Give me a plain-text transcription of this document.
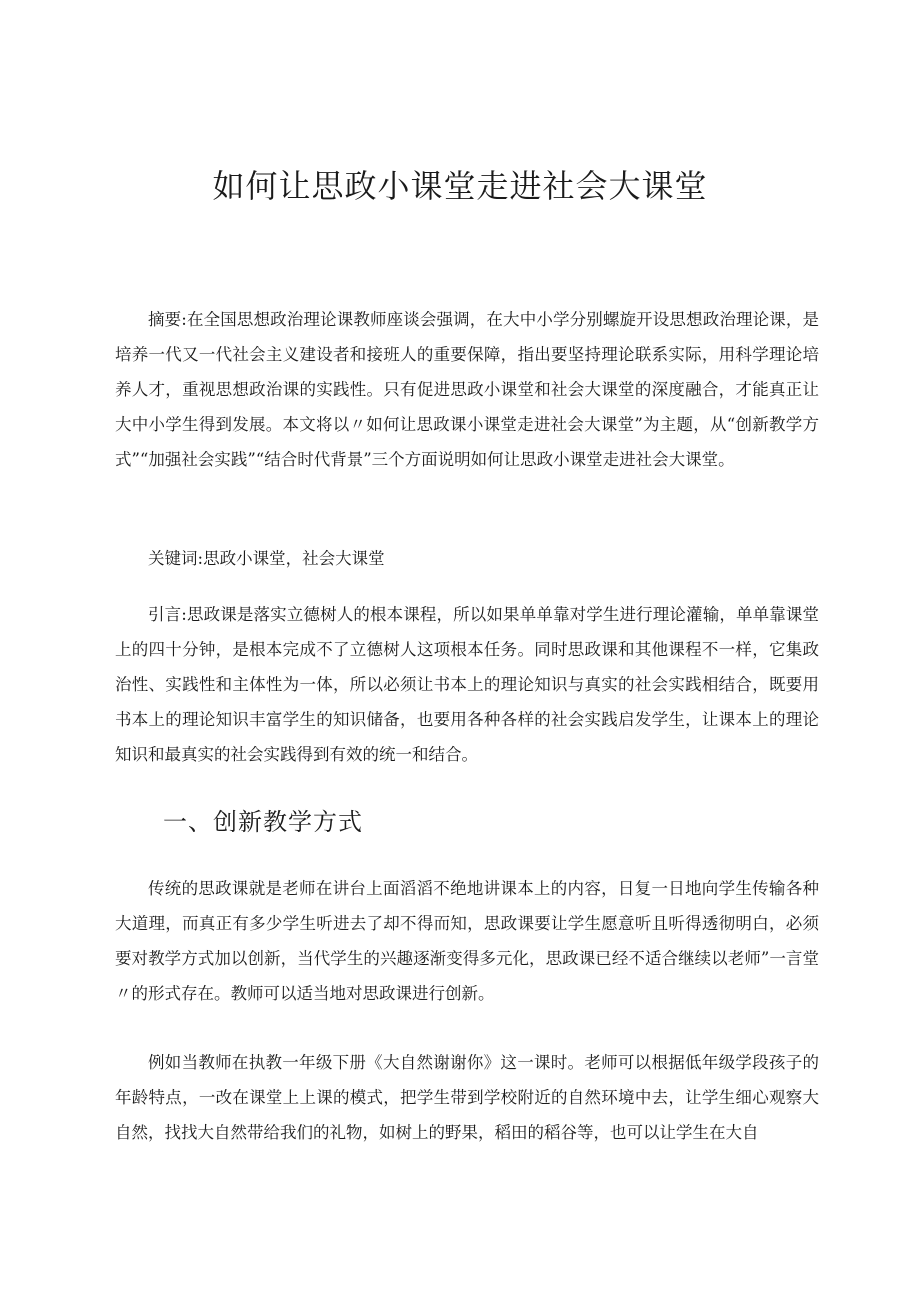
如何让思政小课堂走进社会大课堂

摘要:在全国思想政治理论课教师座谈会强调，在大中小学分别螺旋开设思想政治理论课，是培养一代又一代社会主义建设者和接班人的重要保障，指出要坚持理论联系实际，用科学理论培养人才，重视思想政治课的实践性。只有促进思政小课堂和社会大课堂的深度融合，才能真正让大中小学生得到发展。本文将以〃如何让思政课小课堂走进社会大课堂”为主题，从“创新教学方式”“加强社会实践”“结合时代背景”三个方面说明如何让思政小课堂走进社会大课堂。

关键词:思政小课堂，社会大课堂

引言:思政课是落实立德树人的根本课程，所以如果单单靠对学生进行理论灌输，单单靠课堂上的四十分钟，是根本完成不了立德树人这项根本任务。同时思政课和其他课程不一样，它集政治性、实践性和主体性为一体，所以必须让书本上的理论知识与真实的社会实践相结合，既要用书本上的理论知识丰富学生的知识储备，也要用各种各样的社会实践启发学生，让课本上的理论知识和最真实的社会实践得到有效的统一和结合。

一、创新教学方式

传统的思政课就是老师在讲台上面滔滔不绝地讲课本上的内容，日复一日地向学生传输各种大道理，而真正有多少学生听进去了却不得而知，思政课要让学生愿意听且听得透彻明白，必须要对教学方式加以创新，当代学生的兴趣逐渐变得多元化，思政课已经不适合继续以老师”一言堂〃的形式存在。教师可以适当地对思政课进行创新。

例如当教师在执教一年级下册《大自然谢谢你》这一课时。老师可以根据低年级学段孩子的年龄特点，一改在课堂上上课的模式，把学生带到学校附近的自然环境中去，让学生细心观察大自然，找找大自然带给我们的礼物，如树上的野果，稻田的稻谷等，也可以让学生在大自
